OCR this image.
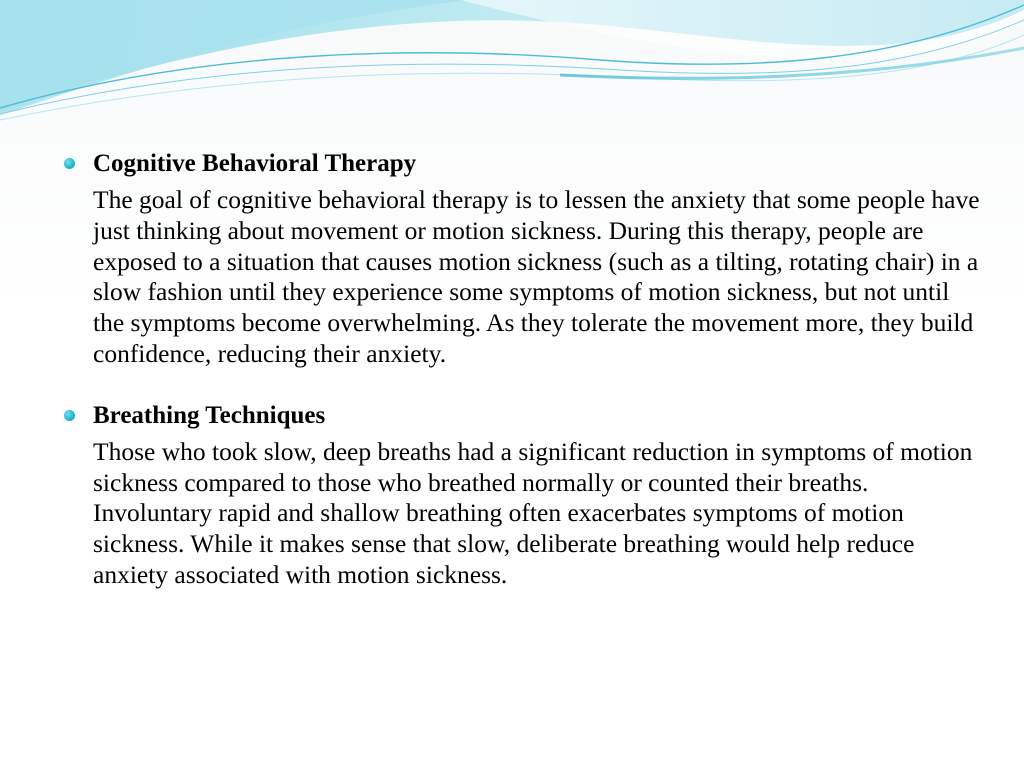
Cognitive Behavioral Therapy

The goal of cognitive behavioral therapy is to lessen the anxiety that some people have just thinking about movement or motion sickness. During this therapy, people are exposed to a situation that causes motion sickness (such as a tilting, rotating chair) in a slow fashion until they experience some symptoms of motion sickness, but not until the symptoms become overwhelming. As they tolerate the movement more, they build confidence, reducing their anxiety.

Breathing Techniques

Those who took slow, deep breaths had a significant reduction in symptoms of motion sickness compared to those who breathed normally or counted their breaths. Involuntary rapid and shallow breathing often exacerbates symptoms of motion sickness. While it makes sense that slow, deliberate breathing would help reduce anxiety associated with motion sickness.
